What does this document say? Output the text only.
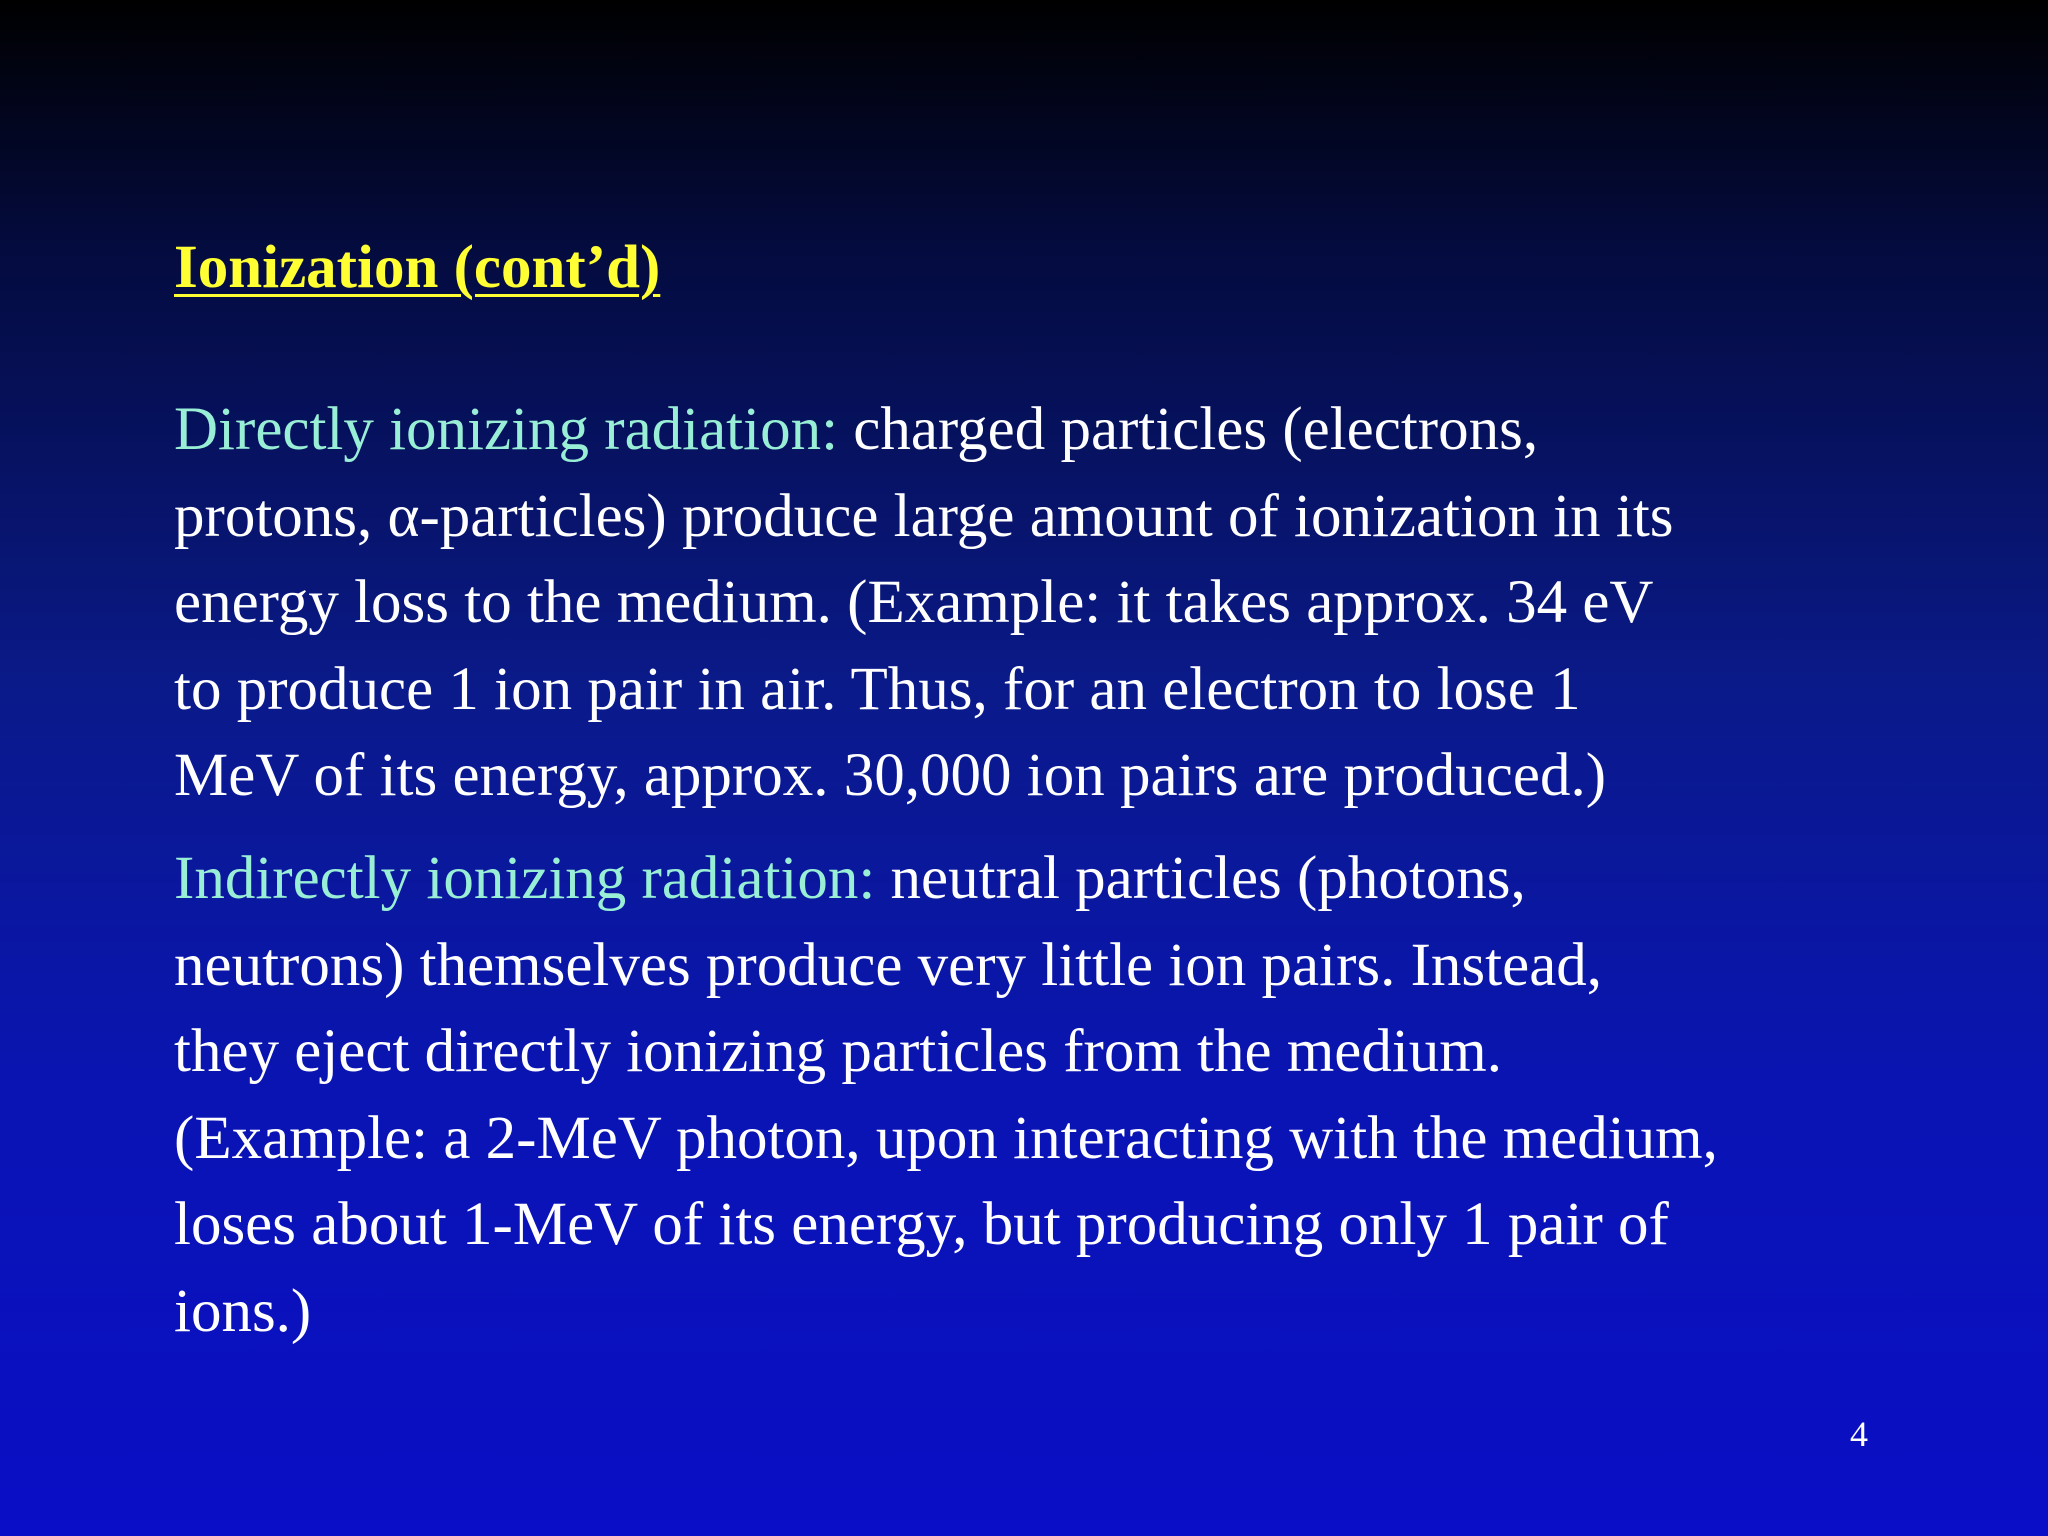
Ionization (cont’d)

Directly ionizing radiation: charged particles (electrons,
protons, α-particles) produce large amount of ionization in its
energy loss to the medium. (Example: it takes approx. 34 eV
to produce 1 ion pair in air. Thus, for an electron to lose 1
MeV of its energy, approx. 30,000 ion pairs are produced.)

Indirectly ionizing radiation: neutral particles (photons,
neutrons) themselves produce very little ion pairs. Instead,
they eject directly ionizing particles from the medium.
(Example: a 2-MeV photon, upon interacting with the medium,
loses about 1-MeV of its energy, but producing only 1 pair of
ions.)

4
